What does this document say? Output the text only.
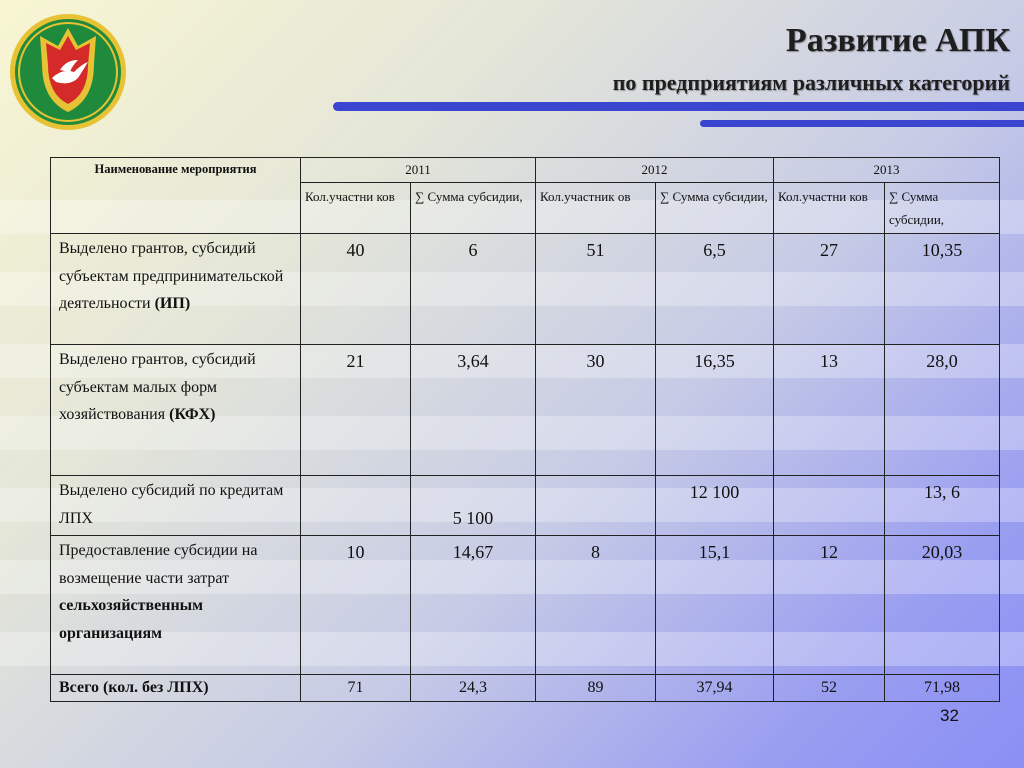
Развитие АПК
по предприятиям различных категорий
Наименование мероприятия	2011		2012		2013	
	Кол.участни ков	∑ Сумма субсидии,	Кол.участник ов	∑ Сумма субсидии,	Кол.участни ков	∑ Сумма субсидии,
Выделено грантов, субсидий субъектам предпринимательской деятельности (ИП)	40	6	51	6,5	27	10,35
Выделено грантов, субсидий субъектам малых форм хозяйствования (КФХ)	21	3,64	30	16,35	13	28,0
Выделено субсидий по кредитам ЛПХ		5 100		12 100		13, 6
Предоставление субсидии на возмещение части затрат сельхозяйственным организациям	10	14,67	8	15,1	12	20,03
Всего (кол. без ЛПХ)	71	24,3	89	37,94	52	71,98
32
